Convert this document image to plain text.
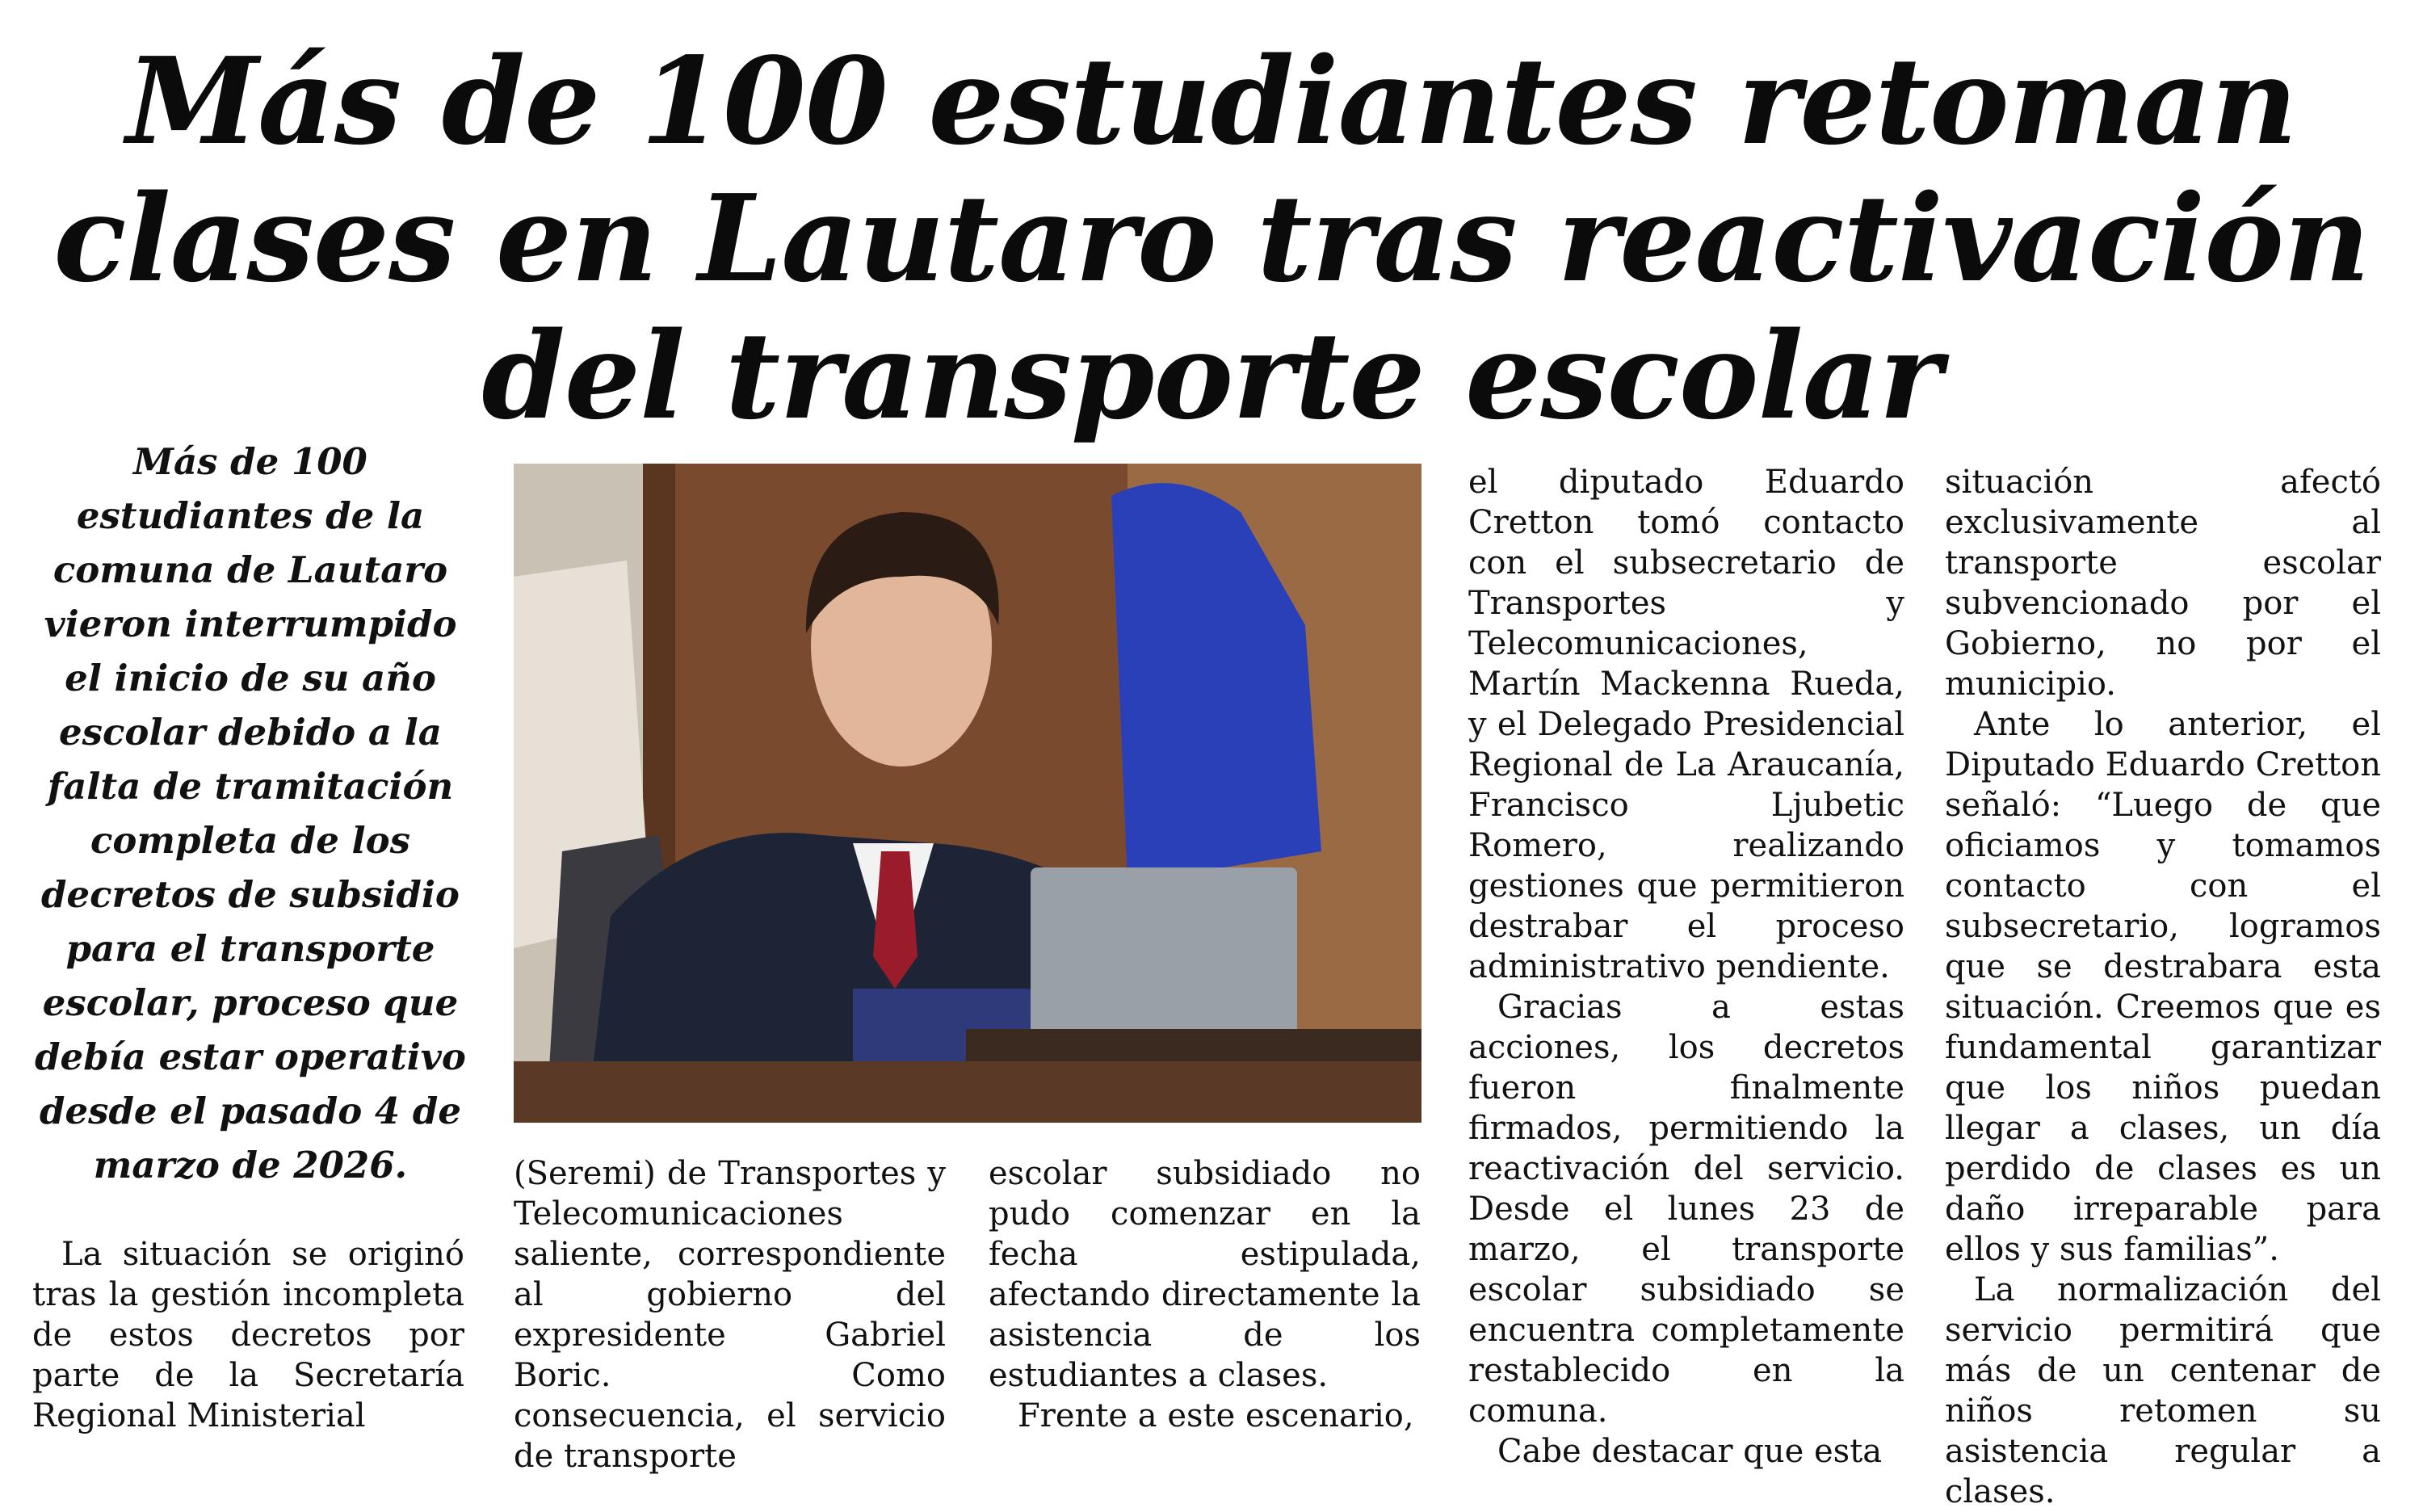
Más de 100 estudiantes retoman
clases en Lautaro tras reactivación
del transporte escolar

Más de 100 estudiantes de la comuna de Lautaro vieron interrumpido el inicio de su año escolar debido a la falta de tramitación completa de los decretos de subsidio para el transporte escolar, proceso que debía estar operativo desde el pasado 4 de marzo de 2026.

La situación se originó tras la gestión incompleta de estos decretos por parte de la Secretaría Regional Ministerial

(Seremi) de Transportes y Telecomunicaciones saliente, correspondiente al gobierno del expresidente Gabriel Boric. Como consecuencia, el servicio de transporte

escolar subsidiado no pudo comenzar en la fecha estipulada, afectando directamente la asistencia de los estudiantes a clases.

Frente a este escenario,

el diputado Eduardo Cretton tomó contacto con el subsecretario de Transportes y Telecomunicaciones, Martín Mackenna Rueda, y el Delegado Presidencial Regional de La Araucanía, Francisco Ljubetic Romero, realizando gestiones que permitieron destrabar el proceso administrativo pendiente.

Gracias a estas acciones, los decretos fueron finalmente firmados, permitiendo la reactivación del servicio. Desde el lunes 23 de marzo, el transporte escolar subsidiado se encuentra completamente restablecido en la comuna.

Cabe destacar que esta

situación afectó exclusivamente al transporte escolar subvencionado por el Gobierno, no por el municipio.

Ante lo anterior, el Diputado Eduardo Cretton señaló: “Luego de que oficiamos y tomamos contacto con el subsecretario, logramos que se destrabara esta situación. Creemos que es fundamental garantizar que los niños puedan llegar a clases, un día perdido de clases es un daño irreparable para ellos y sus familias”.

La normalización del servicio permitirá que más de un centenar de niños retomen su asistencia regular a clases.
